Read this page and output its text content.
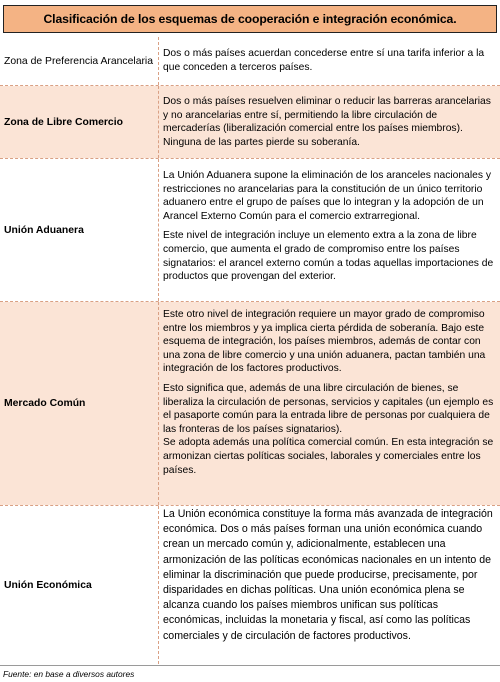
Clasificación de los esquemas de cooperación e integración económica.
Zona de Preferencia Arancelaria

Dos o más países acuerdan concederse entre sí una tarifa inferior a la que conceden a terceros países.

Zona de Libre Comercio

Dos o más países resuelven eliminar o reducir las barreras arancelarias y no arancelarias entre sí, permitiendo la libre circulación de mercaderías (liberalización comercial entre los países miembros). Ninguna de las partes pierde su soberanía.

Unión Aduanera

La Unión Aduanera supone la eliminación de los aranceles nacionales y restricciones no arancelarias para la constitución de un único territorio aduanero entre el grupo de países que lo integran y la adopción de un Arancel Externo Común para el comercio extrarregional.

Este nivel de integración incluye un elemento extra a la zona de libre comercio, que aumenta el grado de compromiso entre los países signatarios: el arancel externo común a todas aquellas importaciones de productos que provengan del exterior.

Mercado Común

Este otro nivel de integración requiere un mayor grado de compromiso entre los miembros y ya implica cierta pérdida de soberanía. Bajo este esquema de integración, los países miembros, además de contar con una zona de libre comercio y una unión aduanera, pactan también una integración de los factores productivos.

Esto significa que, además de una libre circulación de bienes, se liberaliza la circulación de personas, servicios y capitales (un ejemplo es el pasaporte común para la entrada libre de personas por cualquiera de las fronteras de los países signatarios).
Se adopta además una política comercial común. En esta integración se armonizan ciertas políticas sociales, laborales y comerciales entre los países.

Unión Económica

La Unión económica constituye la forma más avanzada de integración económica. Dos o más países forman una unión económica cuando crean un mercado común y, adicionalmente, establecen una armonización de las políticas económicas nacionales en un intento de eliminar la discriminación que puede producirse, precisamente, por disparidades en dichas políticas. Una unión económica plena se alcanza cuando los países miembros unifican sus políticas económicas, incluidas la monetaria y fiscal, así como las políticas comerciales y de circulación de factores productivos.

Fuente: en base a diversos autores
